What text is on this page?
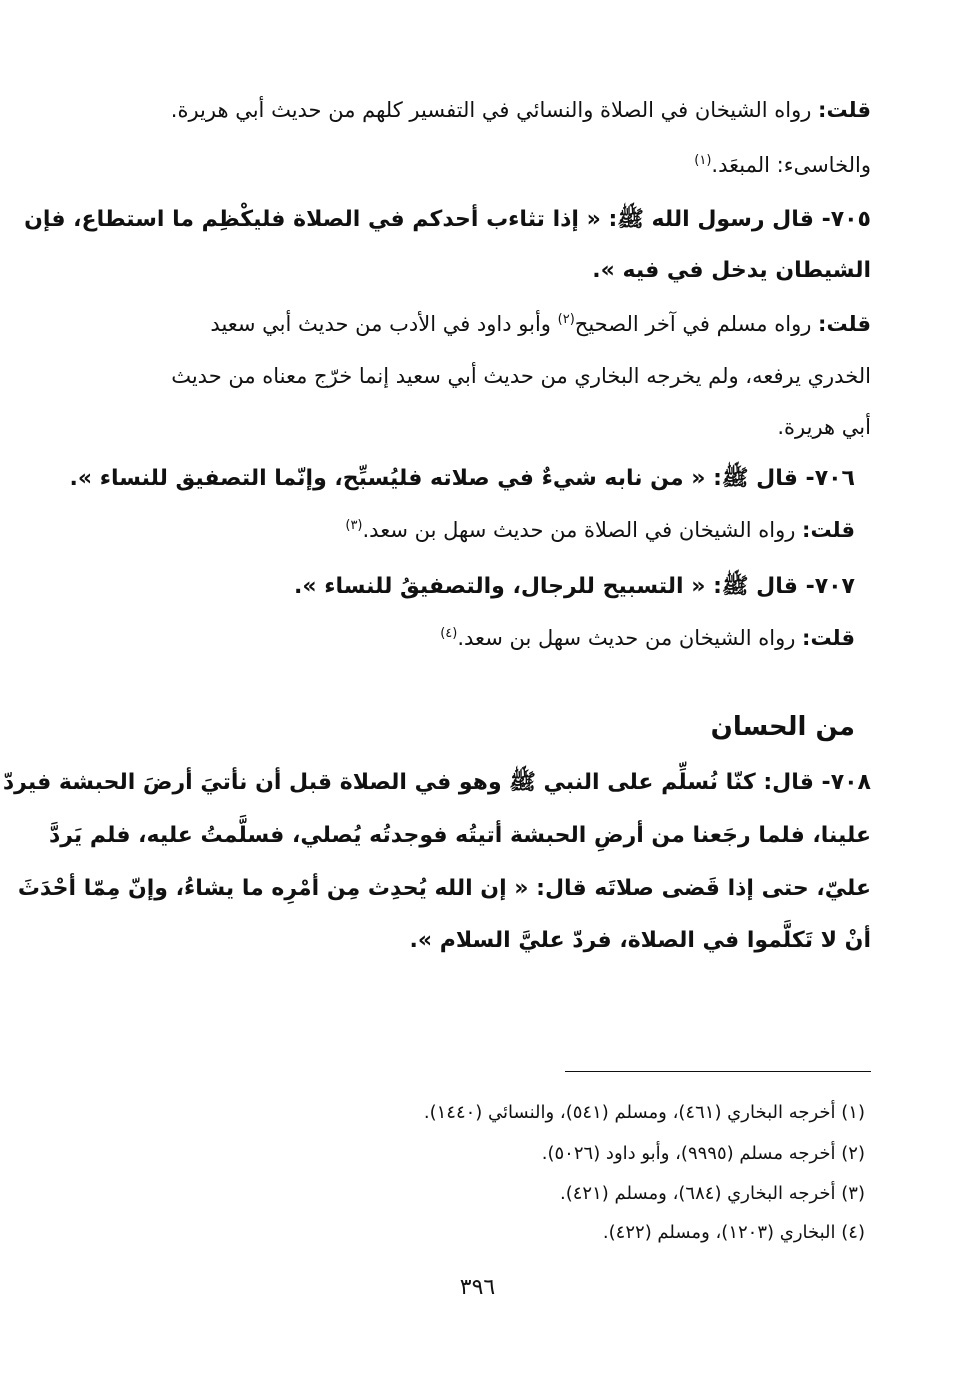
قلت: رواه الشيخان في الصلاة والنسائي في التفسير كلهم من حديث أبي هريرة.
والخاسىء: المبعَد.$^{(١)}$
٧٠٥- قال رسول الله ﷺ: « إذا تثاءب أحدكم في الصلاة فليكْظِم ما استطاع، فإن
الشيطان يدخل في فيه ».
قلت: رواه مسلم في آخر الصحيح$^{(٢)}$ وأبو داود في الأدب من حديث أبي سعيد
الخدري يرفعه، ولم يخرجه البخاري من حديث أبي سعيد إنما خرّج معناه من حديث
أبي هريرة.
٧٠٦- قال ﷺ: « من نابه شيءٌ في صلاته فليُسبِّح، وإنّما التصفيق للنساء ».
قلت: رواه الشيخان في الصلاة من حديث سهل بن سعد.$^{(٣)}$
٧٠٧- قال ﷺ: « التسبيح للرجال، والتصفيقُ للنساء ».
قلت: رواه الشيخان من حديث سهل بن سعد.$^{(٤)}$
من الحسان
٧٠٨- قال: كنّا نُسلِّم على النبي ﷺ وهو في الصلاة قبل أن نأتيَ أرضَ الحبشة فيردّ
علينا، فلما رجَعنا من أرضِ الحبشة أتيتُه فوجدتُه يُصلي، فسلَّمتُ عليه، فلم يَردَّ
عليّ، حتى إذا قَضى صلاتَه قال: « إن الله يُحدِث مِن أمْرِه ما يشاءُ، وإنّ مِمّا أحْدَثَ
أنْ لا تَكلَّموا في الصلاة، فردّ عليَّ السلام ».
(١) أخرجه البخاري (٤٦١)، ومسلم (٥٤١)، والنسائي (١٤٤٠).
(٢) أخرجه مسلم (٩٩٩٥)، وأبو داود (٥٠٢٦).
(٣) أخرجه البخاري (٦٨٤)، ومسلم (٤٢١).
(٤) البخاري (١٢٠٣)، ومسلم (٤٢٢).
٣٩٦
